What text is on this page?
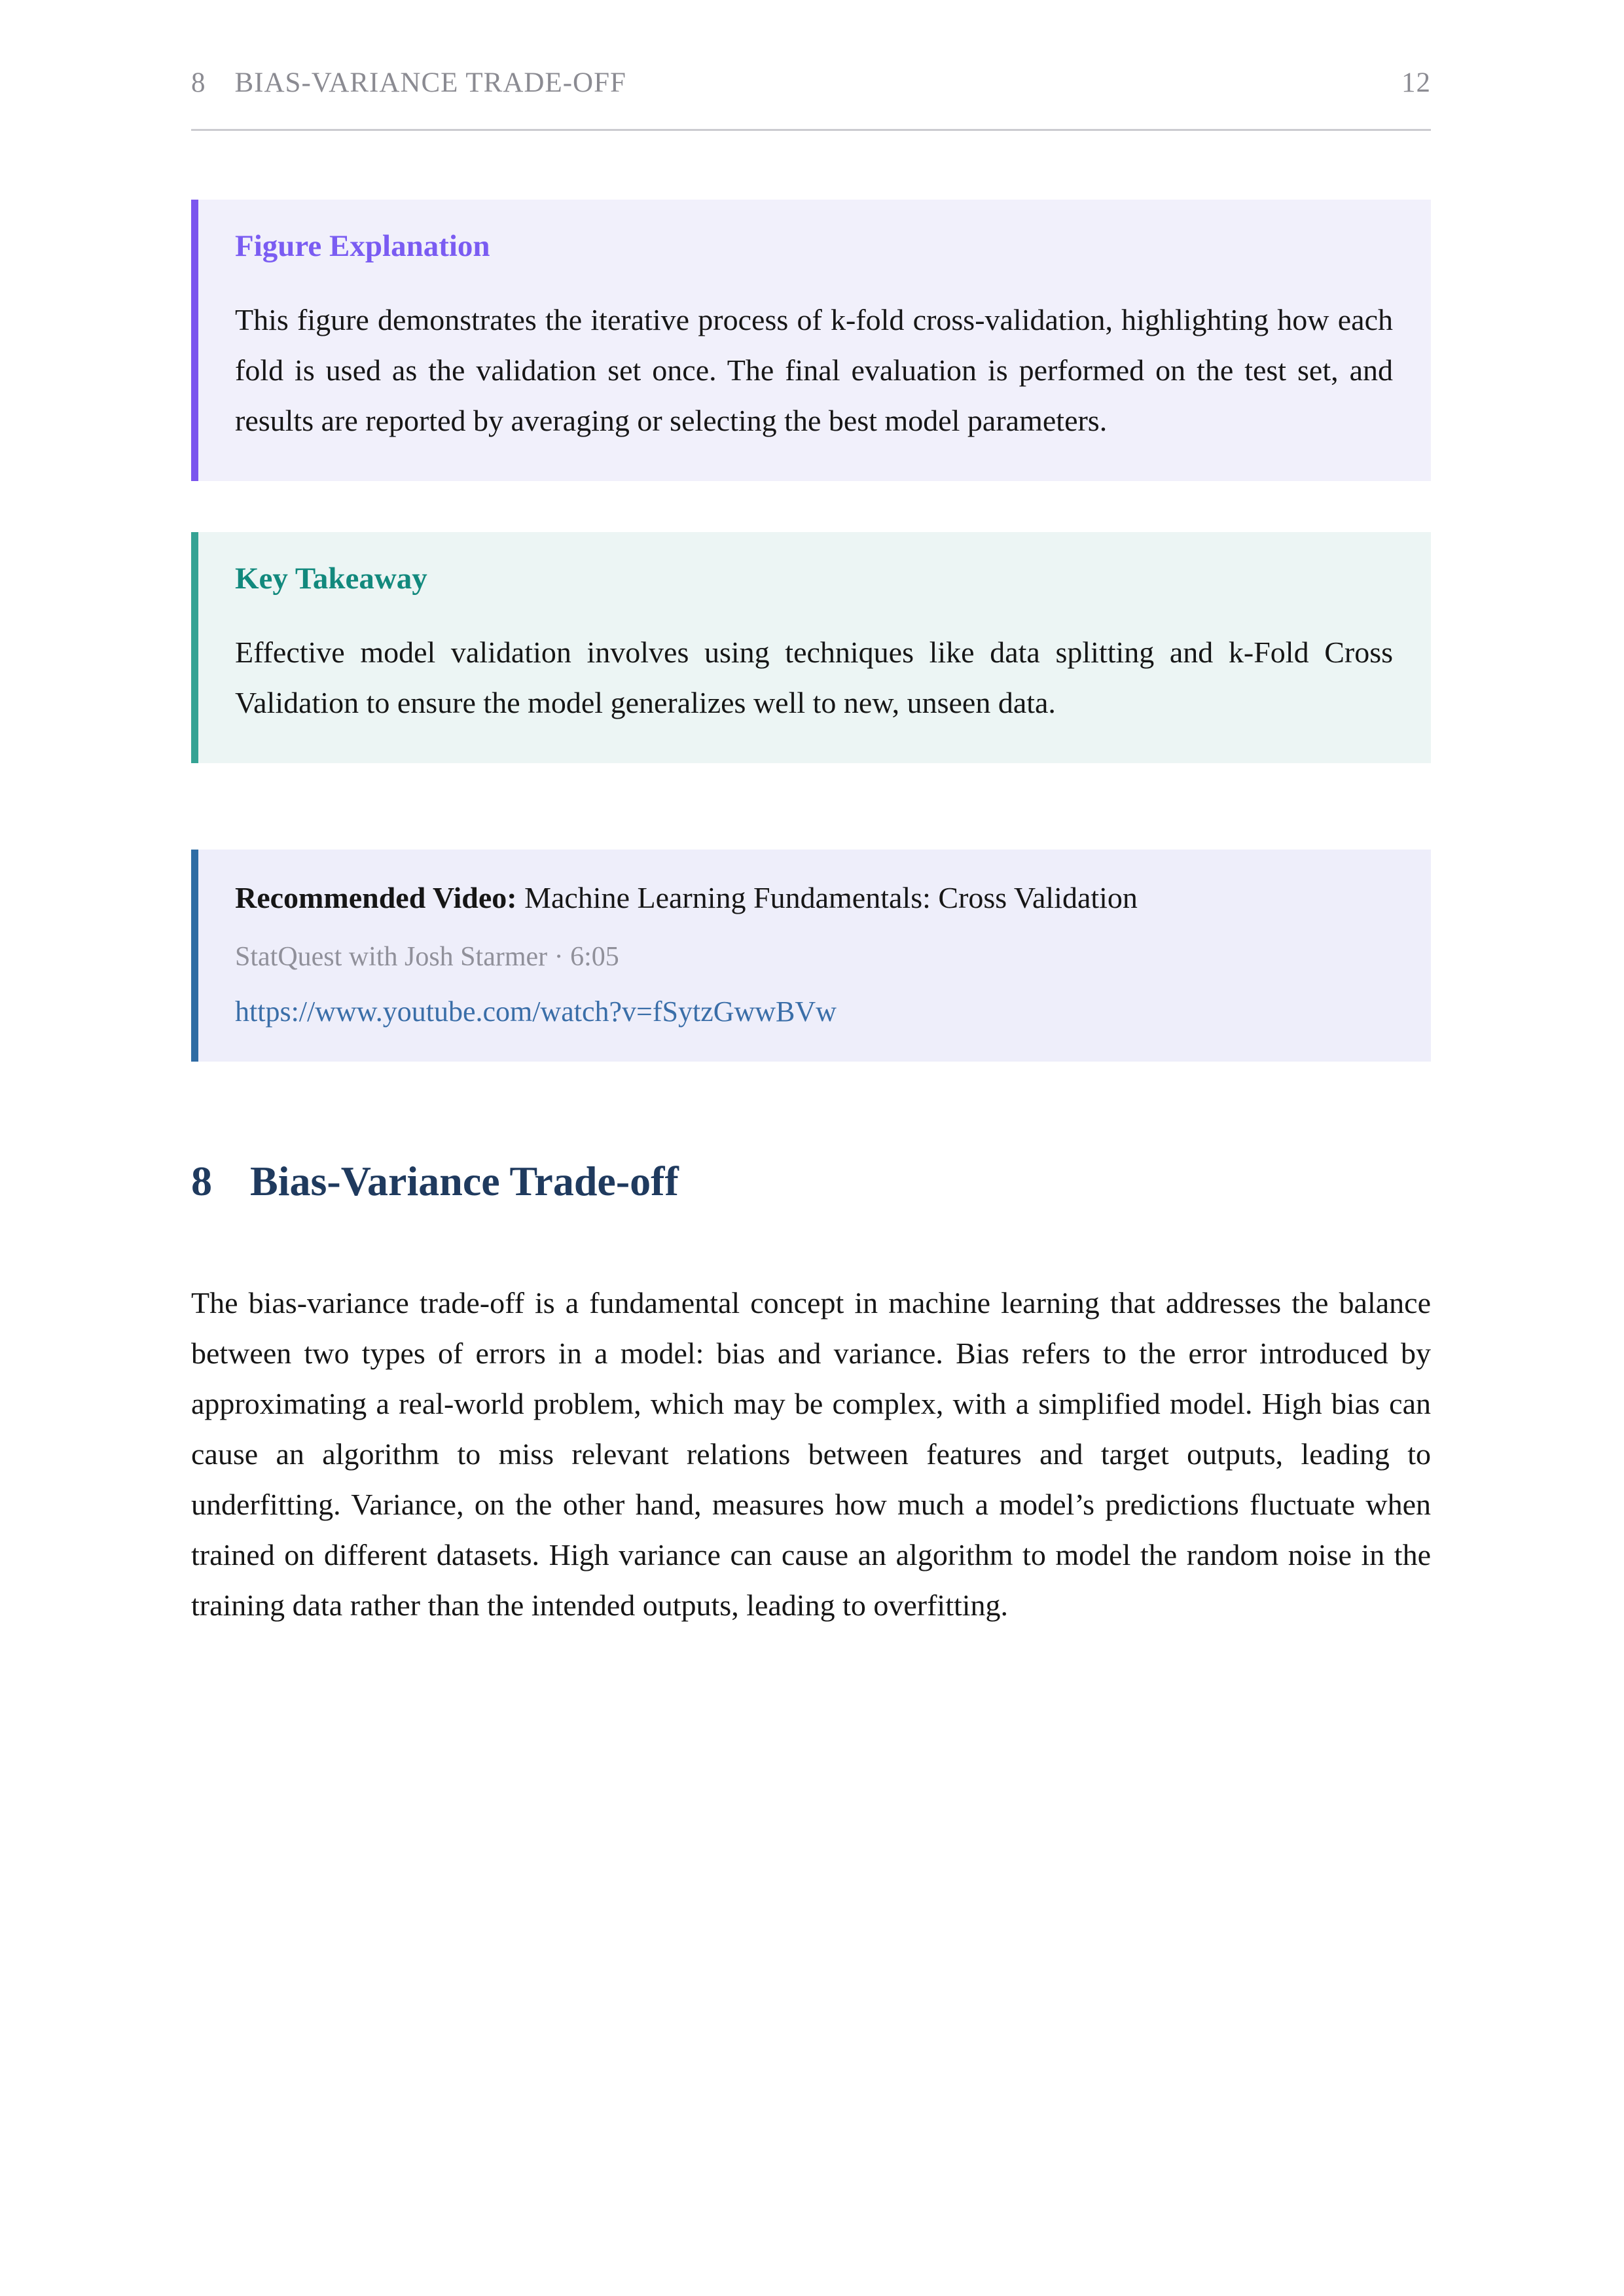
8 BIAS-VARIANCE TRADE-OFF	12
Figure Explanation
This figure demonstrates the iterative process of k-fold cross-validation, highlighting how each fold is used as the validation set once. The final evaluation is performed on the test set, and results are reported by averaging or selecting the best model parameters.
Key Takeaway
Effective model validation involves using techniques like data splitting and k-Fold Cross Validation to ensure the model generalizes well to new, unseen data.
Recommended Video: Machine Learning Fundamentals: Cross Validation
StatQuest with Josh Starmer · 6:05
https://www.youtube.com/watch?v=fSytzGwwBVw
8 Bias-Variance Trade-off

The bias-variance trade-off is a fundamental concept in machine learning that addresses the balance between two types of errors in a model: bias and variance. Bias refers to the error introduced by approximating a real-world problem, which may be complex, with a simplified model. High bias can cause an algorithm to miss relevant relations between features and target outputs, leading to underfitting. Variance, on the other hand, measures how much a model’s predictions fluctuate when trained on different datasets. High variance can cause an algorithm to model the random noise in the training data rather than the intended outputs, leading to overfitting.
